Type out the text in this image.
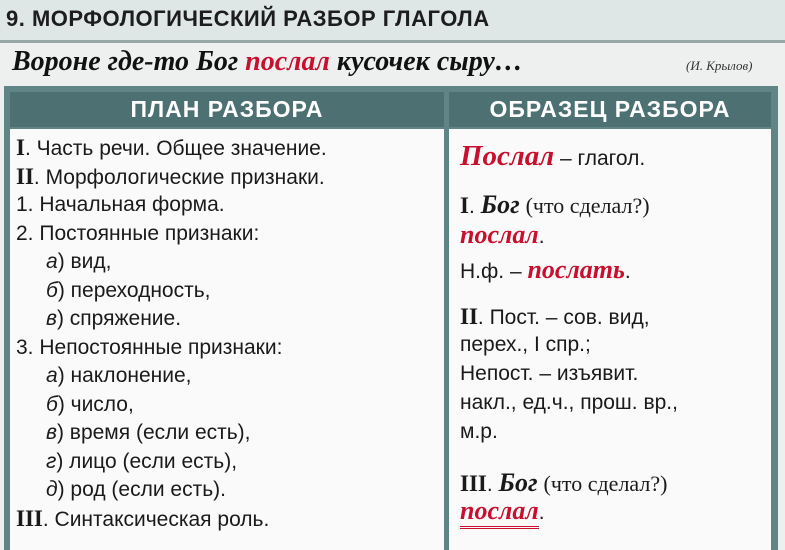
9. МОРФОЛОГИЧЕСКИЙ РАЗБОР ГЛАГОЛА
Вороне где-то Бог послал кусочек сыру…	(И. Крылов)
ПЛАН РАЗБОРА	ОБРАЗЕЦ РАЗБОРА
I. Часть речи. Общее значение.
II. Морфологические признаки.
1. Начальная форма.
2. Постоянные признаки:
а) вид,
б) переходность,
в) спряжение.
3. Непостоянные признаки:
а) наклонение,
б) число,
в) время (если есть),
г) лицо (если есть),
д) род (если есть).
III. Синтаксическая роль.
Послал – глагол.
I. Бог (что сделал?)
послал.
Н.ф. – послать.
II. Пост. – сов. вид,
перех., I спр.;
Непост. – изъявит.
накл., ед.ч., прош. вр.,
м.р.
III. Бог (что сделал?)
послал.
